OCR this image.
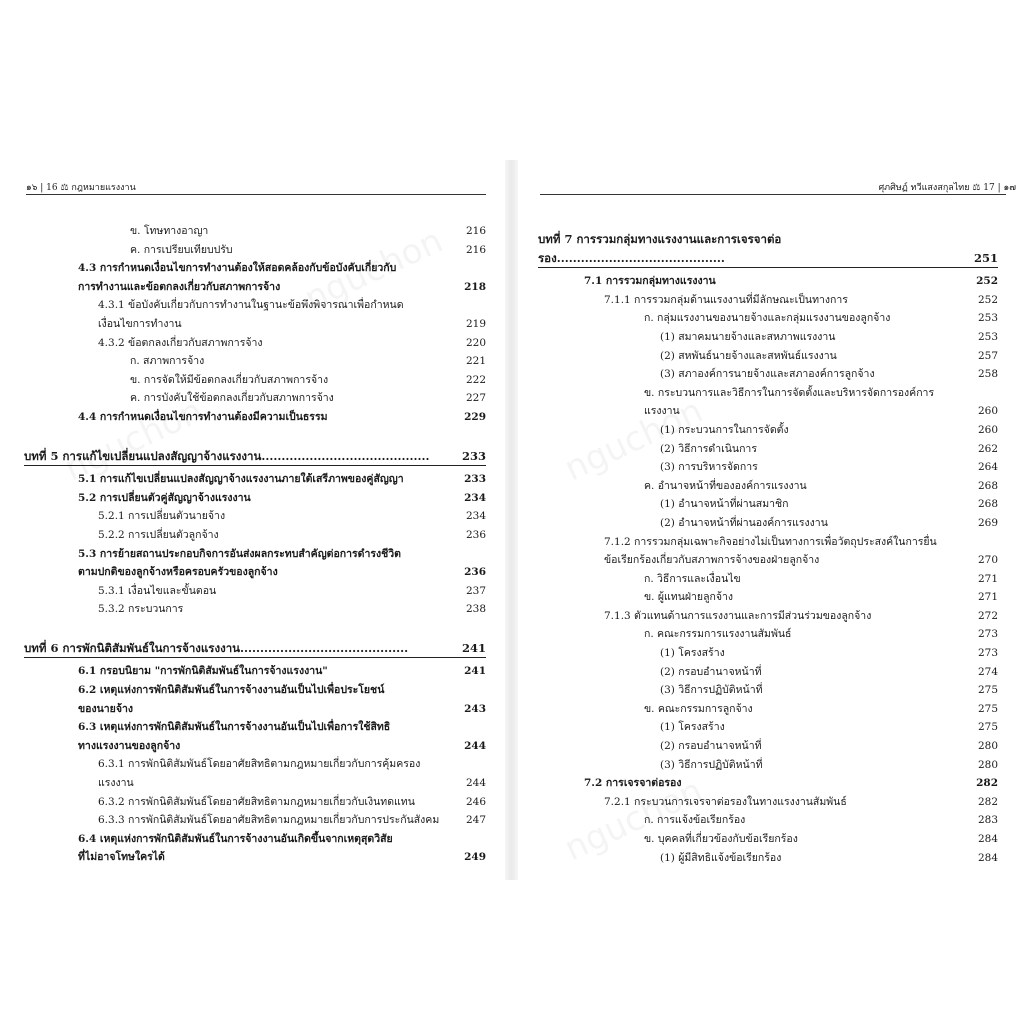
๑๖ | 16 ⚖ กฎหมายแรงงาน
ข. โทษทางอาญา	216
ค. การเปรียบเทียบปรับ	216
4.3 การกำหนดเงื่อนไขการทำงานต้องให้สอดคล้องกับข้อบังคับเกี่ยวกับ
การทำงานและข้อตกลงเกี่ยวกับสภาพการจ้าง	218
4.3.1 ข้อบังคับเกี่ยวกับการทำงานในฐานะข้อพึงพิจารณาเพื่อกำหนด
เงื่อนไขการทำงาน	219
4.3.2 ข้อตกลงเกี่ยวกับสภาพการจ้าง	220
ก. สภาพการจ้าง	221
ข. การจัดให้มีข้อตกลงเกี่ยวกับสภาพการจ้าง	222
ค. การบังคับใช้ข้อตกลงเกี่ยวกับสภาพการจ้าง	227
4.4 การกำหนดเงื่อนไขการทำงานต้องมีความเป็นธรรม	229
บทที่ 5 การแก้ไขเปลี่ยนแปลงสัญญาจ้างแรงงาน..........................................	233
5.1 การแก้ไขเปลี่ยนแปลงสัญญาจ้างแรงงานภายใต้เสรีภาพของคู่สัญญา	233
5.2 การเปลี่ยนตัวคู่สัญญาจ้างแรงงาน	234
5.2.1 การเปลี่ยนตัวนายจ้าง	234
5.2.2 การเปลี่ยนตัวลูกจ้าง	236
5.3 การย้ายสถานประกอบกิจการอันส่งผลกระทบสำคัญต่อการดำรงชีวิต
ตามปกติของลูกจ้างหรือครอบครัวของลูกจ้าง	236
5.3.1 เงื่อนไขและขั้นตอน	237
5.3.2 กระบวนการ	238
บทที่ 6 การพักนิติสัมพันธ์ในการจ้างแรงงาน..........................................	241
6.1 กรอบนิยาม "การพักนิติสัมพันธ์ในการจ้างแรงงาน"	241
6.2 เหตุแห่งการพักนิติสัมพันธ์ในการจ้างงานอันเป็นไปเพื่อประโยชน์
ของนายจ้าง	243
6.3 เหตุแห่งการพักนิติสัมพันธ์ในการจ้างงานอันเป็นไปเพื่อการใช้สิทธิ
ทางแรงงานของลูกจ้าง	244
6.3.1 การพักนิติสัมพันธ์โดยอาศัยสิทธิตามกฎหมายเกี่ยวกับการคุ้มครอง
แรงงาน	244
6.3.2 การพักนิติสัมพันธ์โดยอาศัยสิทธิตามกฎหมายเกี่ยวกับเงินทดแทน	246
6.3.3 การพักนิติสัมพันธ์โดยอาศัยสิทธิตามกฎหมายเกี่ยวกับการประกันสังคม	247
6.4 เหตุแห่งการพักนิติสัมพันธ์ในการจ้างงานอันเกิดขึ้นจากเหตุสุดวิสัย
ที่ไม่อาจโทษใครได้	249
ศุภศิษฏ์ ทวีแสงสกุลไทย ⚖ 17 | ๑๗
บทที่ 7 การรวมกลุ่มทางแรงงานและการเจรจาต่อรอง..........................................	251
7.1 การรวมกลุ่มทางแรงงาน	252
7.1.1 การรวมกลุ่มด้านแรงงานที่มีลักษณะเป็นทางการ	252
ก. กลุ่มแรงงานของนายจ้างและกลุ่มแรงงานของลูกจ้าง	253
(1) สมาคมนายจ้างและสหภาพแรงงาน	253
(2) สหพันธ์นายจ้างและสหพันธ์แรงงาน	257
(3) สภาองค์การนายจ้างและสภาองค์การลูกจ้าง	258
ข. กระบวนการและวิธีการในการจัดตั้งและบริหารจัดการองค์การ
แรงงาน	260
(1) กระบวนการในการจัดตั้ง	260
(2) วิธีการดำเนินการ	262
(3) การบริหารจัดการ	264
ค. อำนาจหน้าที่ขององค์การแรงงาน	268
(1) อำนาจหน้าที่ผ่านสมาชิก	268
(2) อำนาจหน้าที่ผ่านองค์การแรงงาน	269
7.1.2 การรวมกลุ่มเฉพาะกิจอย่างไม่เป็นทางการเพื่อวัตถุประสงค์ในการยื่น
ข้อเรียกร้องเกี่ยวกับสภาพการจ้างของฝ่ายลูกจ้าง	270
ก. วิธีการและเงื่อนไข	271
ข. ผู้แทนฝ่ายลูกจ้าง	271
7.1.3 ตัวแทนด้านการแรงงานและการมีส่วนร่วมของลูกจ้าง	272
ก. คณะกรรมการแรงงานสัมพันธ์	273
(1) โครงสร้าง	273
(2) กรอบอำนาจหน้าที่	274
(3) วิธีการปฏิบัติหน้าที่	275
ข. คณะกรรมการลูกจ้าง	275
(1) โครงสร้าง	275
(2) กรอบอำนาจหน้าที่	280
(3) วิธีการปฏิบัติหน้าที่	280
7.2 การเจรจาต่อรอง	282
7.2.1 กระบวนการเจรจาต่อรองในทางแรงงานสัมพันธ์	282
ก. การแจ้งข้อเรียกร้อง	283
ข. บุคคลที่เกี่ยวข้องกับข้อเรียกร้อง	284
(1) ผู้มีสิทธิแจ้งข้อเรียกร้อง	284
